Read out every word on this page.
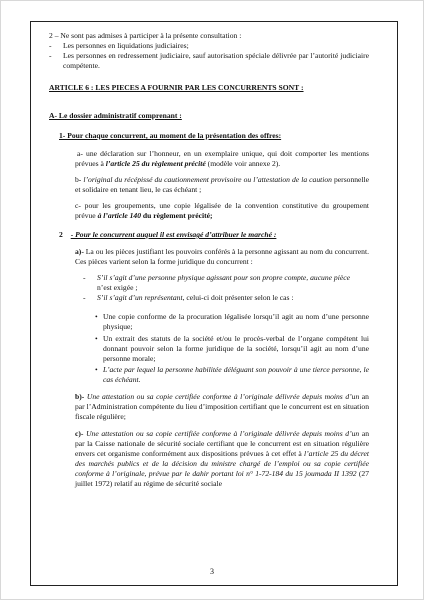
2 – Ne sont pas admises à participer à la présente consultation :

-	Les personnes en liquidations judiciaires;
-	Les personnes en redressement judiciaire, sauf autorisation spéciale délivrée par l’autorité judiciaire compétente.

ARTICLE 6 : LES PIECES A FOURNIR PAR LES CONCURRENTS SONT :

A- Le dossier administratif comprenant :

1- Pour chaque concurrent, au moment de la présentation des offres:

a- une déclaration sur l’honneur, en un exemplaire unique, qui doit comporter les mentions prévues à l’article 25 du règlement précité (modèle voir annexe 2).

b- l’original du récépissé du cautionnement provisoire ou l’attestation de la caution personnelle et solidaire en tenant lieu, le cas échéant ;

c- pour les groupements, une copie légalisée de la convention constitutive du groupement prévue à l’article 140 du règlement précité;

2 - Pour le concurrent auquel il est envisagé d’attribuer le marché :

a)- La ou les pièces justifiant les pouvoirs conférés à la personne agissant au nom du concurrent. Ces pièces varient selon la forme juridique du concurrent :

-	S’il s’agit d’une personne physique agissant pour son propre compte, aucune pièce
n’est exigée ;
-	S’il s’agit d’un représentant, celui-ci doit présenter selon le cas :
• Une copie conforme de la procuration légalisée lorsqu’il agit au nom d’une personne physique;
• Un extrait des statuts de la société et/ou le procès-verbal de l’organe compétent lui donnant pouvoir selon la forme juridique de la société, lorsqu’il agit au nom d’une personne morale;
• L’acte par lequel la personne habilitée déléguant son pouvoir à une tierce personne, le cas échéant.

b)- Une attestation ou sa copie certifiée conforme à l’originale délivrée depuis moins d’un an par l’Administration compétente du lieu d’imposition certifiant que le concurrent est en situation fiscale régulière;

c)- Une attestation ou sa copie certifiée conforme à l’originale délivrée depuis moins d’un an par la Caisse nationale de sécurité sociale certifiant que le concurrent est en situation régulière envers cet organisme conformément aux dispositions prévues à cet effet à l’article 25 du décret des marchés publics et de la décision du ministre chargé de l’emploi ou sa copie certifiée conforme à l’originale, prévue par le dahir portant loi n° 1-72-184 du 15 joumada II 1392 (27 juillet 1972) relatif au régime de sécurité sociale

3
